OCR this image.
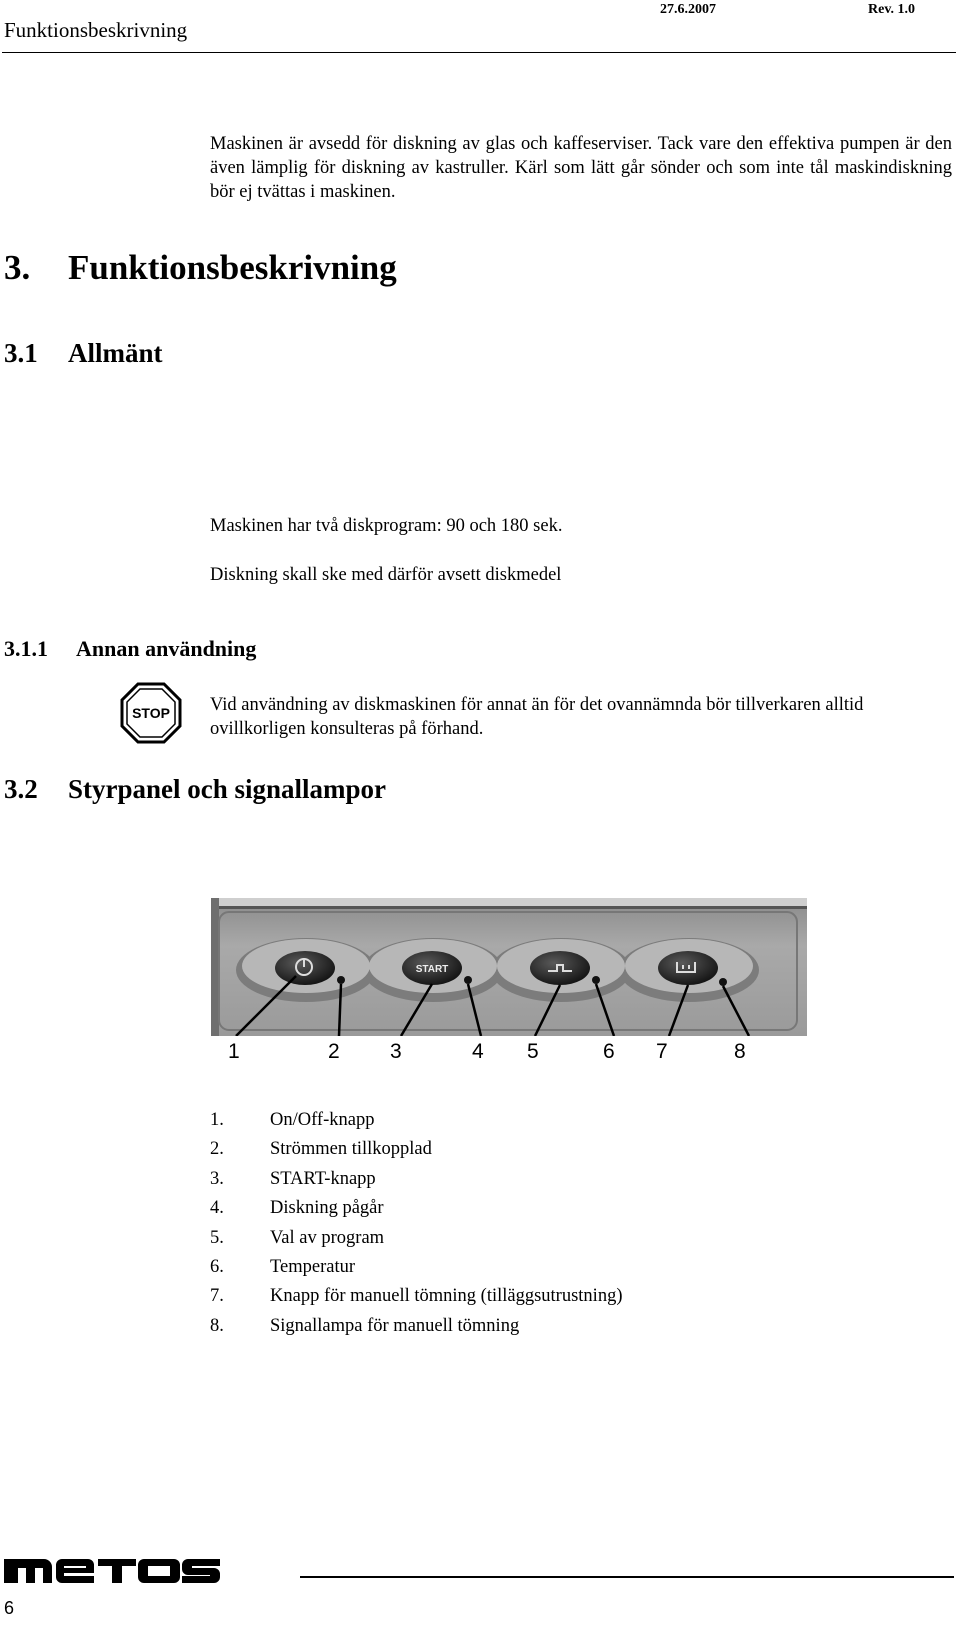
Funktionsbeskrivning
27.6.2007	Rev. 1.0
3. Funktionsbeskrivning
3.1 Allmänt
Maskinen är avsedd för diskning av glas och kaffeserviser. Tack vare den effektiva pumpen är den även lämplig för diskning av kastruller. Kärl som lätt går sönder och som inte tål maskindiskning bör ej tvättas i maskinen.
Maskinen har två diskprogram: 90 och 180 sek.
Diskning skall ske med därför avsett diskmedel
3.1.1 Annan användning
STOP Vid användning av diskmaskinen för annat än för det ovannämnda bör tillverkaren alltid ovillkorligen konsulteras på förhand.
3.2 Styrpanel och signallampor
START
1	2 3	4 5	6 7	8
1. On/Off-knapp
2. Strömmen tillkopplad
3. START-knapp
4. Diskning pågår
5. Val av program
6. Temperatur
7. Knapp för manuell tömning (tilläggsutrustning)
8. Signallampa för manuell tömning
6
